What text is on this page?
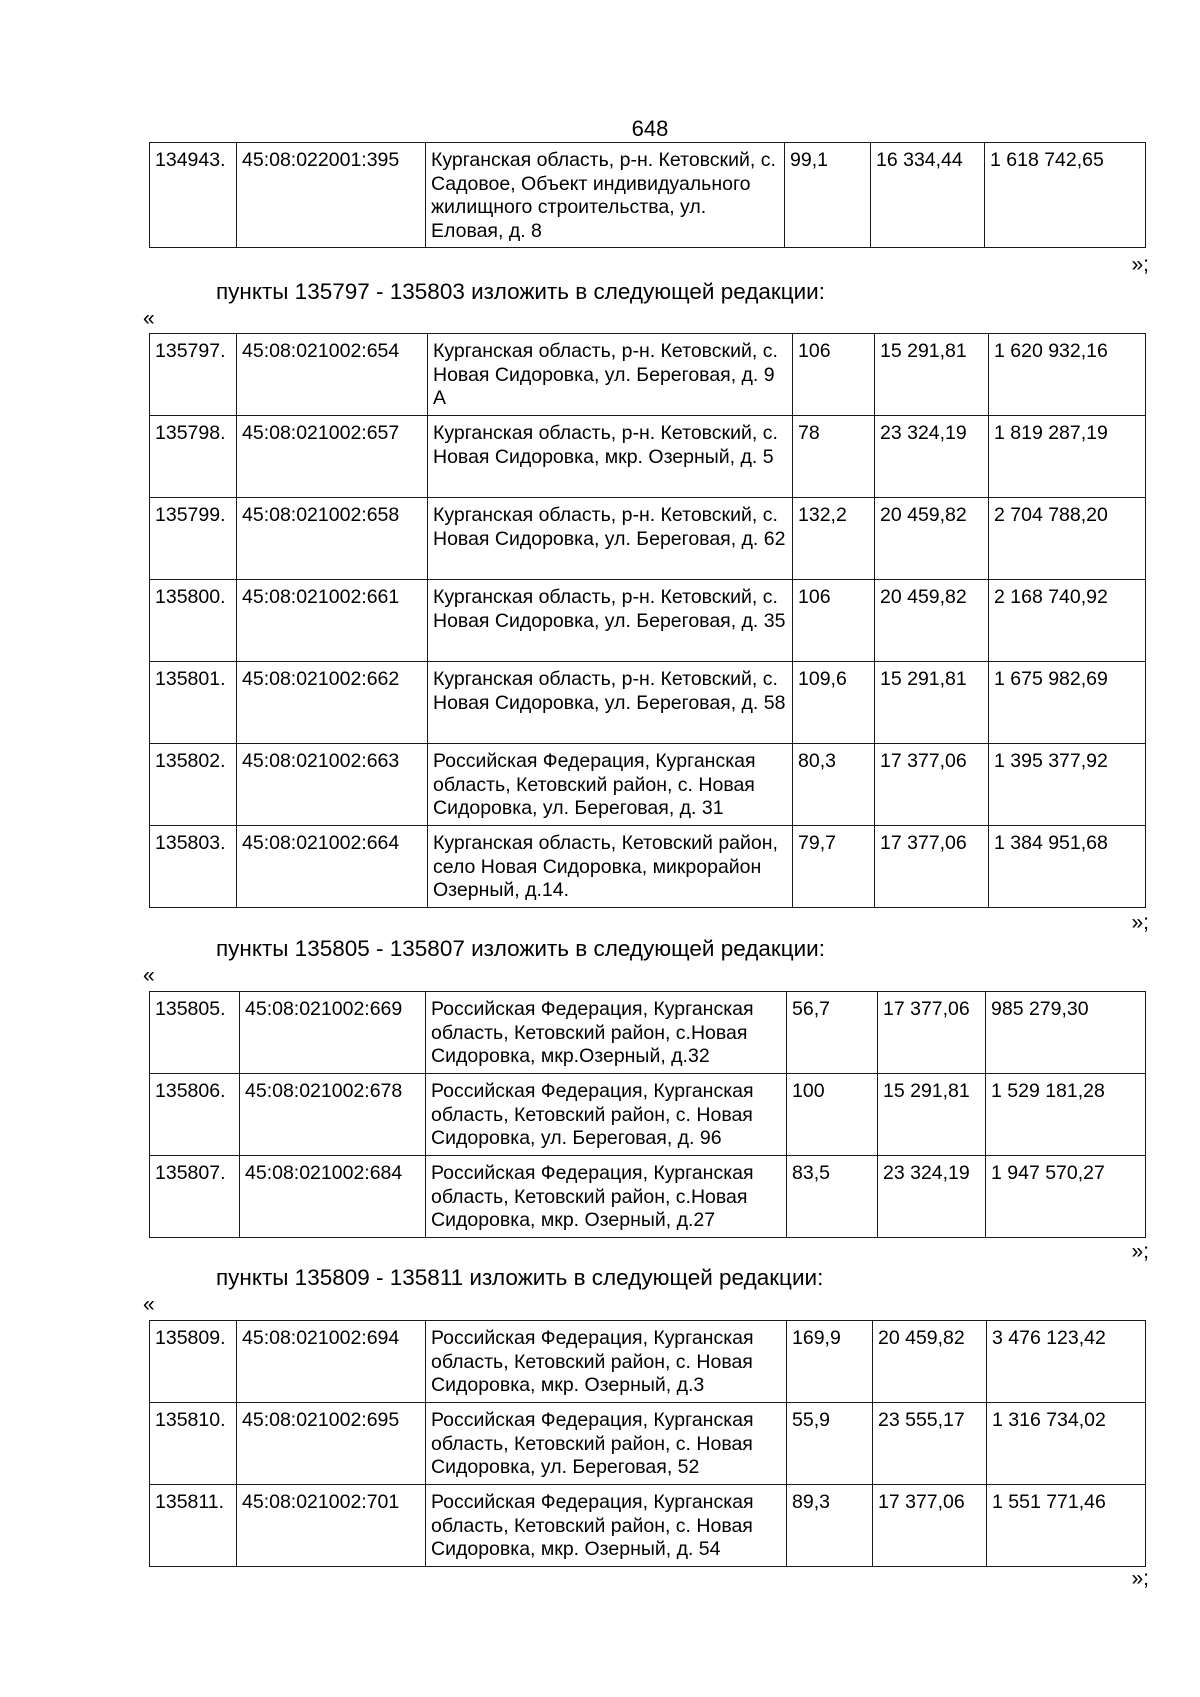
648
134943.	45:08:022001:395	Курганская область, р-н. Кетовский, с. Садовое, Объект индивидуального жилищного строительства, ул. Еловая, д. 8	99,1	16 334,44	1 618 742,65
»;
пункты 135797 - 135803 изложить в следующей редакции:
«
135797.	45:08:021002:654	Курганская область, р-н. Кетовский, с. Новая Сидоровка, ул. Береговая, д. 9 А	106	15 291,81	1 620 932,16
135798.	45:08:021002:657	Курганская область, р-н. Кетовский, с. Новая Сидоровка, мкр. Озерный, д. 5	78	23 324,19	1 819 287,19
135799.	45:08:021002:658	Курганская область, р-н. Кетовский, с. Новая Сидоровка, ул. Береговая, д. 62	132,2	20 459,82	2 704 788,20
135800.	45:08:021002:661	Курганская область, р-н. Кетовский, с. Новая Сидоровка, ул. Береговая, д. 35	106	20 459,82	2 168 740,92
135801.	45:08:021002:662	Курганская область, р-н. Кетовский, с. Новая Сидоровка, ул. Береговая, д. 58	109,6	15 291,81	1 675 982,69
135802.	45:08:021002:663	Российская Федерация, Курганская область, Кетовский район, с. Новая Сидоровка, ул. Береговая, д. 31	80,3	17 377,06	1 395 377,92
135803.	45:08:021002:664	Курганская область, Кетовский район, село Новая Сидоровка, микрорайон Озерный, д.14.	79,7	17 377,06	1 384 951,68
»;
пункты 135805 - 135807 изложить в следующей редакции:
«
135805.	45:08:021002:669	Российская Федерация, Курганская область, Кетовский район, с.Новая Сидоровка, мкр.Озерный, д.32	56,7	17 377,06	985 279,30
135806.	45:08:021002:678	Российская Федерация, Курганская область, Кетовский район, с. Новая Сидоровка, ул. Береговая, д. 96	100	15 291,81	1 529 181,28
135807.	45:08:021002:684	Российская Федерация, Курганская область, Кетовский район, с.Новая Сидоровка, мкр. Озерный, д.27	83,5	23 324,19	1 947 570,27
»;
пункты 135809 - 135811 изложить в следующей редакции:
«
135809.	45:08:021002:694	Российская Федерация, Курганская область, Кетовский район, с. Новая Сидоровка, мкр. Озерный, д.3	169,9	20 459,82	3 476 123,42
135810.	45:08:021002:695	Российская Федерация, Курганская область, Кетовский район, с. Новая Сидоровка, ул. Береговая, 52	55,9	23 555,17	1 316 734,02
135811.	45:08:021002:701	Российская Федерация, Курганская область, Кетовский район, с. Новая Сидоровка, мкр. Озерный, д. 54	89,3	17 377,06	1 551 771,46
»;
